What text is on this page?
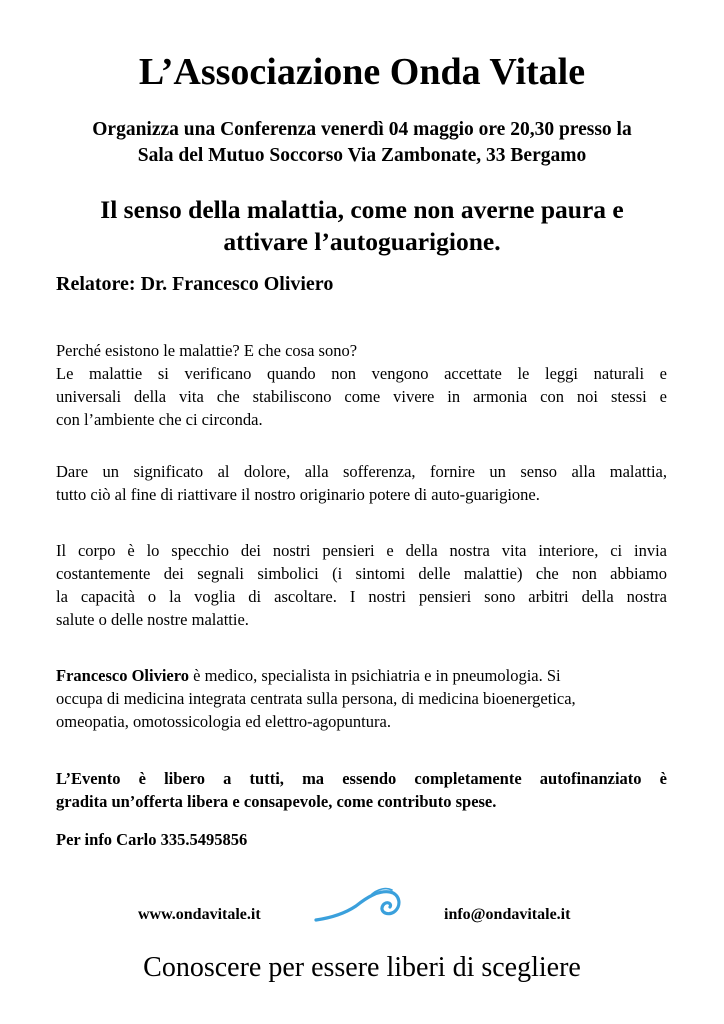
L’Associazione Onda Vitale
Organizza una Conferenza venerdì 04 maggio ore 20,30 presso la
Sala del Mutuo Soccorso Via Zambonate, 33 Bergamo
Il senso della malattia, come non averne paura e
attivare l’autoguarigione.
Relatore: Dr. Francesco Oliviero
Perché esistono le malattie? E che cosa sono?
Le malattie si verificano quando non vengono accettate le leggi naturali e
universali della vita che stabiliscono come vivere in armonia con noi stessi e
con l’ambiente che ci circonda.
Dare un significato al dolore, alla sofferenza, fornire un senso alla malattia,
tutto ciò al fine di riattivare il nostro originario potere di auto-guarigione.
Il corpo è lo specchio dei nostri pensieri e della nostra vita interiore, ci invia
costantemente dei segnali simbolici (i sintomi delle malattie) che non abbiamo
la capacità o la voglia di ascoltare. I nostri pensieri sono arbitri della nostra
salute o delle nostre malattie.
Francesco Oliviero è medico, specialista in psichiatria e in pneumologia. Si
occupa di medicina integrata centrata sulla persona, di medicina bioenergetica,
omeopatia, omotossicologia ed elettro-agopuntura.
L’Evento è libero a tutti, ma essendo completamente autofinanziato è
gradita un’offerta libera e consapevole, come contributo spese.
Per info Carlo 335.5495856
www.ondavitale.it	info@ondavitale.it
Conoscere per essere liberi di scegliere
